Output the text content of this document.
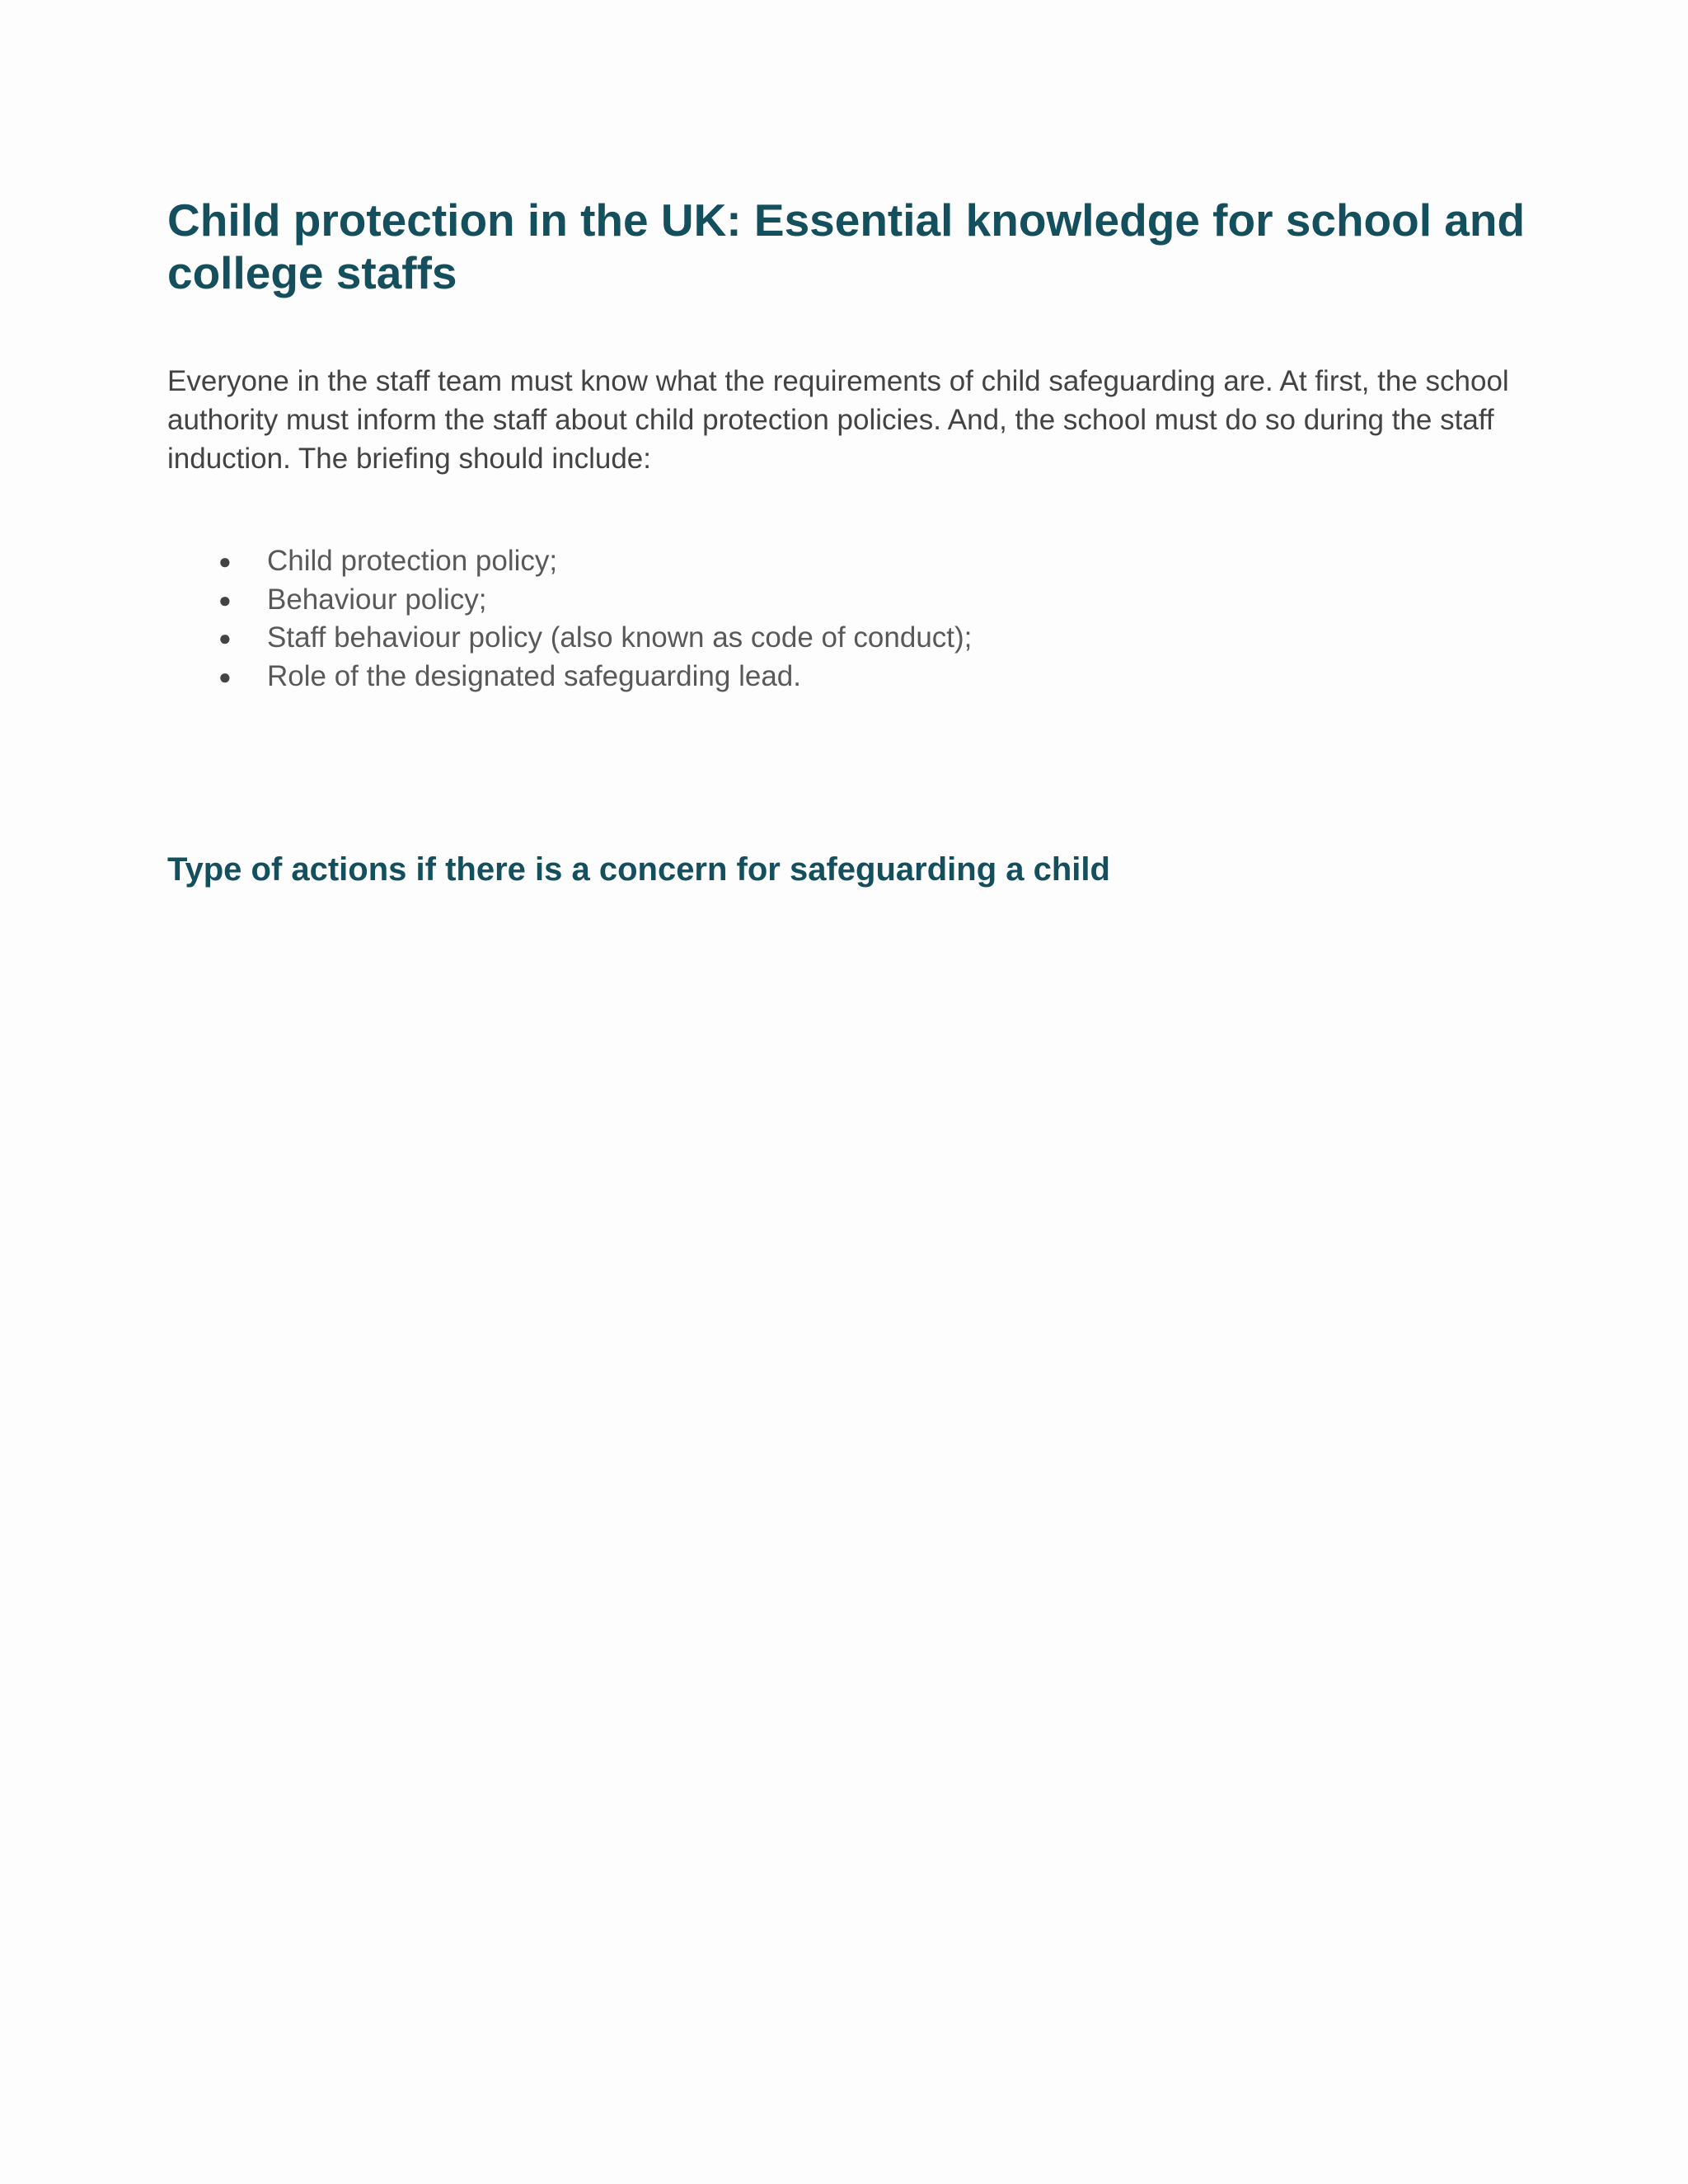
Child protection in the UK: Essential knowledge for school and college staffs

Everyone in the staff team must know what the requirements of child safeguarding are. At first, the school authority must inform the staff about child protection policies. And, the school must do so during the staff induction. The briefing should include:

● Child protection policy;
● Behaviour policy;
● Staff behaviour policy (also known as code of conduct);
● Role of the designated safeguarding lead.
Type of actions if there is a concern for safeguarding a child
